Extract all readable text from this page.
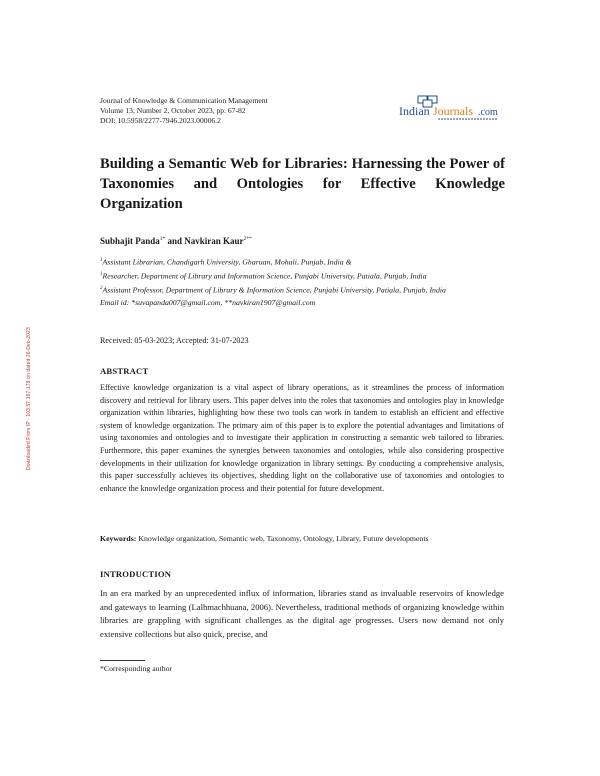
Downloaded From IP - 103.57.167.179 on dated 26-Dec-2023
Journal of Knowledge & Communication Management
Volume 13, Number 2, October 2023, pp. 67-82
DOI: 10.5958/2277-7946.2023.00006.2
Indian Journals .com
Building a Semantic Web for Libraries: Harnessing the Power of Taxonomies and Ontologies for Effective Knowledge Organization
Subhajit Panda$^{1*}$ and Navkiran Kaur$^{2**}$

$^1$Assistant Librarian, Chandigarh University, Gharuan, Mohali, Punjab, India &

$^1$Researcher, Department of Library and Information Science, Punjabi University, Patiala, Punjab, India

$^2$Assistant Professor, Department of Library & Information Science, Punjabi University, Patiala, Punjab, India

Email id: *suvapanda007@gmail.com, **navkiran1907@gmail.com

Received: 05-03-2023; Accepted: 31-07-2023
ABSTRACT

Effective knowledge organization is a vital aspect of library operations, as it streamlines the process of information discovery and retrieval for library users. This paper delves into the roles that taxonomies and ontologies play in knowledge organization within libraries, highlighting how these two tools can work in tandem to establish an efficient and effective system of knowledge organization. The primary aim of this paper is to explore the potential advantages and limitations of using taxonomies and ontologies and to investigate their application in constructing a semantic web tailored to libraries. Furthermore, this paper examines the synergies between taxonomies and ontologies, while also considering prospective developments in their utilization for knowledge organization in library settings. By conducting a comprehensive analysis, this paper successfully achieves its objectives, shedding light on the collaborative use of taxonomies and ontologies to enhance the knowledge organization process and their potential for future development.

Keywords: Knowledge organization, Semantic web, Taxonomy, Ontology, Library, Future developments
INTRODUCTION

In an era marked by an unprecedented influx of information, libraries stand as invaluable reservoirs of knowledge and gateways to learning (Lalhmachhuana, 2006). Nevertheless, traditional methods of organizing knowledge within libraries are grappling with significant challenges as the digital age progresses. Users now demand not only extensive collections but also quick, precise, and

*Corresponding author
